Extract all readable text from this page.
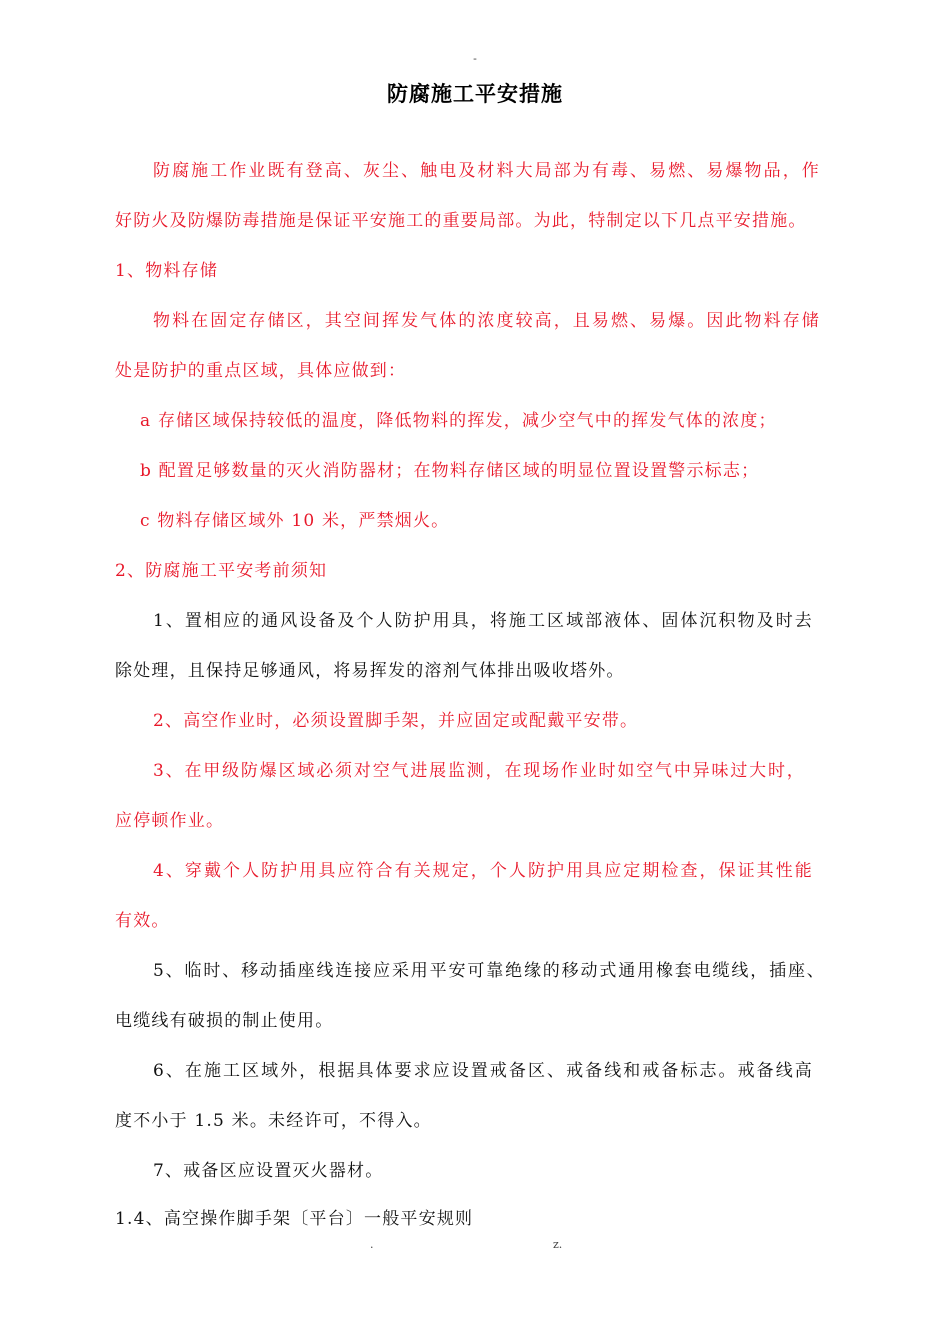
-
防腐施工平安措施
防腐施工作业既有登高、灰尘、触电及材料大局部为有毒、易燃、易爆物品，作
好防火及防爆防毒措施是保证平安施工的重要局部。为此，特制定以下几点平安措施。
1、物料存储
物料在固定存储区，其空间挥发气体的浓度较高，且易燃、易爆。因此物料存储
处是防护的重点区域，具体应做到：
a 存储区域保持较低的温度，降低物料的挥发，减少空气中的挥发气体的浓度；
b 配置足够数量的灭火消防器材；在物料存储区域的明显位置设置警示标志；
c 物料存储区域外 10 米，严禁烟火。
2、防腐施工平安考前须知
1、置相应的通风设备及个人防护用具，将施工区域部液体、固体沉积物及时去
除处理，且保持足够通风，将易挥发的溶剂气体排出吸收塔外。
2、高空作业时，必须设置脚手架，并应固定或配戴平安带。
3、在甲级防爆区域必须对空气进展监测，在现场作业时如空气中异味过大时，
应停顿作业。
4、穿戴个人防护用具应符合有关规定，个人防护用具应定期检查，保证其性能
有效。
5、临时、移动插座线连接应采用平安可靠绝缘的移动式通用橡套电缆线，插座、
电缆线有破损的制止使用。
6、在施工区域外，根据具体要求应设置戒备区、戒备线和戒备标志。戒备线高
度不小于 1.5 米。未经许可，不得入。
7、戒备区应设置灭火器材。
1.4、高空操作脚手架〔平台〕一般平安规则
.	z.
